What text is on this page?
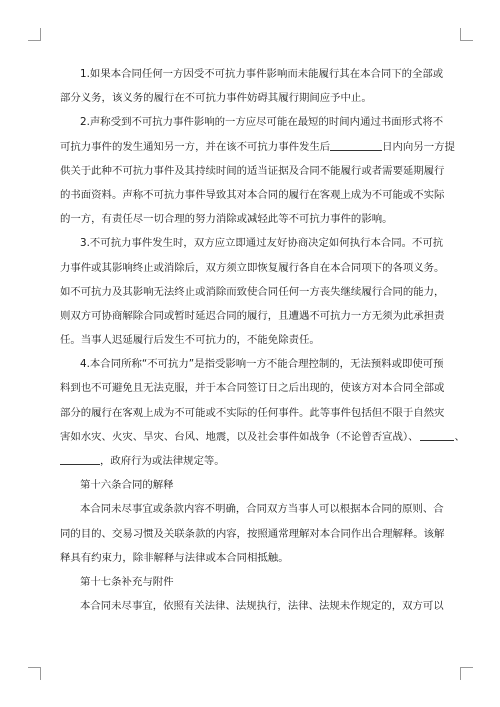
1.如果本合同任何一方因受不可抗力事件影响而未能履行其在本合同下的全部或
部分义务，该义务的履行在不可抗力事件妨碍其履行期间应予中止。
2.声称受到不可抗力事件影响的一方应尽可能在最短的时间内通过书面形式将不
可抗力事件的发生通知另一方，并在该不可抗力事件发生后	日内向另一方提
供关于此种不可抗力事件及其持续时间的适当证据及合同不能履行或者需要延期履行
的书面资料。声称不可抗力事件导致其对本合同的履行在客观上成为不可能或不实际
的一方，有责任尽一切合理的努力消除或减轻此等不可抗力事件的影响。
3.不可抗力事件发生时，双方应立即通过友好协商决定如何执行本合同。不可抗
力事件或其影响终止或消除后，双方须立即恢复履行各自在本合同项下的各项义务。
如不可抗力及其影响无法终止或消除而致使合同任何一方丧失继续履行合同的能力，
则双方可协商解除合同或暂时延迟合同的履行，且遭遇不可抗力一方无须为此承担责
任。当事人迟延履行后发生不可抗力的，不能免除责任。
4.本合同所称“不可抗力”是指受影响一方不能合理控制的，无法预料或即使可预
料到也不可避免且无法克服，并于本合同签订日之后出现的，使该方对本合同全部或
部分的履行在客观上成为不可能或不实际的任何事件。此等事件包括但不限于自然灾
害如水灾、火灾、旱灾、台风、地震，以及社会事件如战争（不论曾否宣战）、	、
，政府行为或法律规定等。
第十六条合同的解释
本合同未尽事宜或条款内容不明确，合同双方当事人可以根据本合同的原则、合
同的目的、交易习惯及关联条款的内容，按照通常理解对本合同作出合理解释。该解
释具有约束力，除非解释与法律或本合同相抵触。
第十七条补充与附件
本合同未尽事宜，依照有关法律、法规执行，法律、法规未作规定的，双方可以
